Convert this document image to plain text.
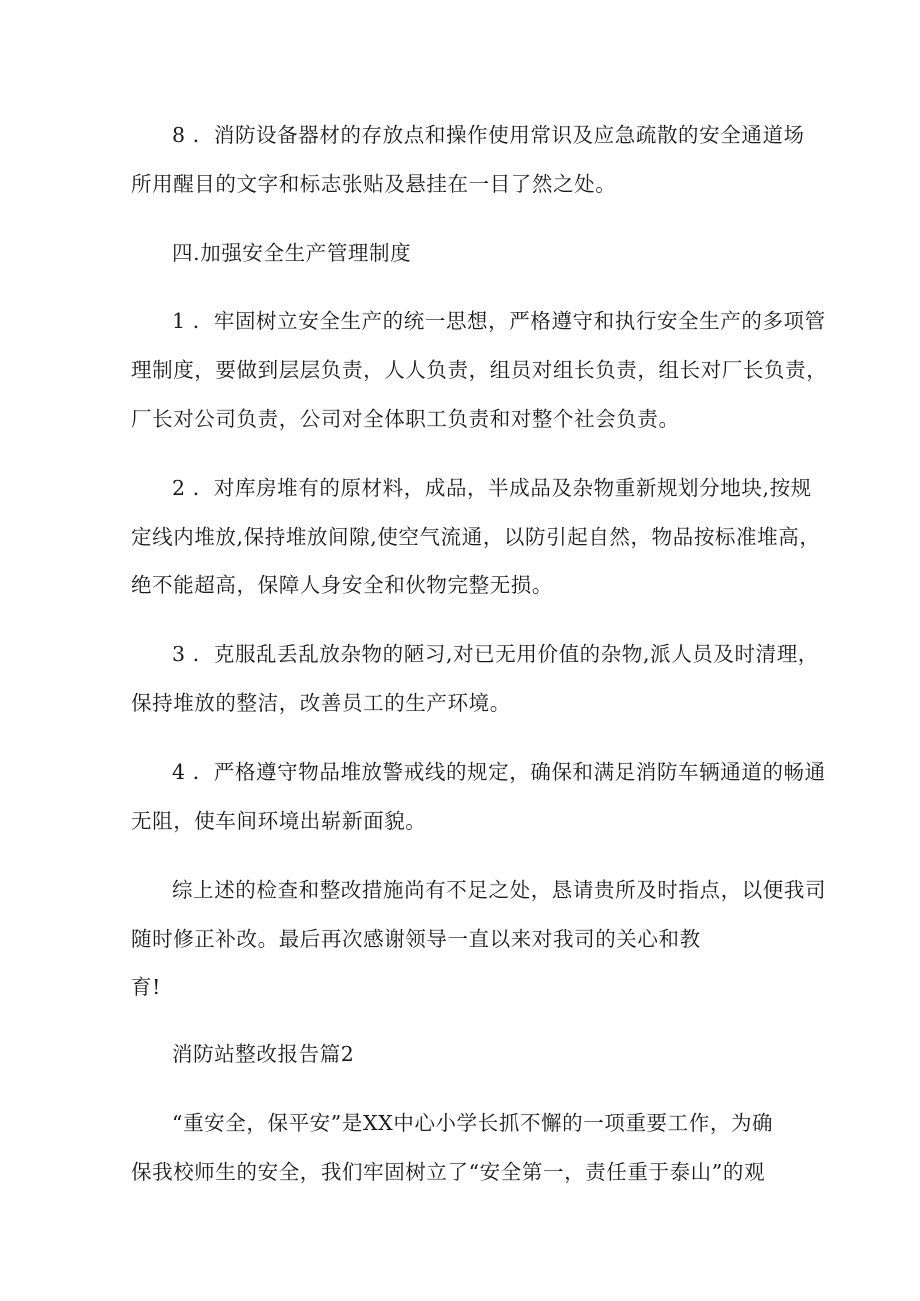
8 ．消防设备器材的存放点和操作使用常识及应急疏散的安全通道场
所用醒目的文字和标志张贴及悬挂在一目了然之处。
四.加强安全生产管理制度
1 ．牢固树立安全生产的统一思想，严格遵守和执行安全生产的多项管
理制度，要做到层层负责，人人负责，组员对组长负责，组长对厂长负责，
厂长对公司负责，公司对全体职工负责和对整个社会负责。
2 ．对库房堆有的原材料，成品，半成品及杂物重新规划分地块,按规
定线内堆放,保持堆放间隙,使空气流通，以防引起自然，物品按标准堆高，
绝不能超高，保障人身安全和伙物完整无损。
3 ．克服乱丢乱放杂物的陋习,对已无用价值的杂物,派人员及时清理，
保持堆放的整洁，改善员工的生产环境。
4 ．严格遵守物品堆放警戒线的规定，确保和满足消防车辆通道的畅通
无阻，使车间环境出崭新面貌。
综上述的检查和整改措施尚有不足之处，恳请贵所及时指点，以便我司
随时修正补改。最后再次感谢领导一直以来对我司的关心和教
育!
消防站整改报告篇2
“重安全，保平安”是XX中心小学长抓不懈的一项重要工作，为确
保我校师生的安全，我们牢固树立了“安全第一，责任重于泰山”的观
